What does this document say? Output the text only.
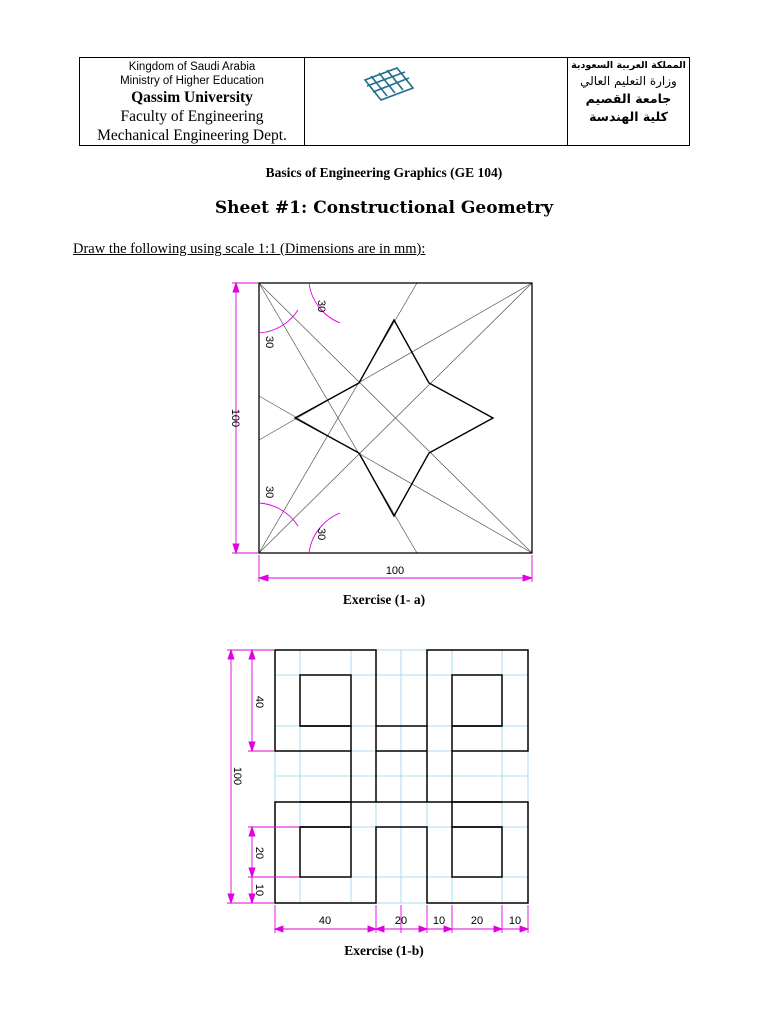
Kingdom of Saudi Arabia
Ministry of Higher Education
Qassim University
Faculty of Engineering
Mechanical Engineering Dept.
المملكة العربية السعودية
وزارة التعليم العالي
جامعة القصيم
كلية الهندسة
Basics of Engineering Graphics (GE 104)
Sheet #1: Constructional Geometry
Draw the following using scale 1:1 (Dimensions are in mm):
30
30
30
30
100
100
Exercise (1- a)
40
100
20
10
40	20 10 20 10
Exercise (1-b)
